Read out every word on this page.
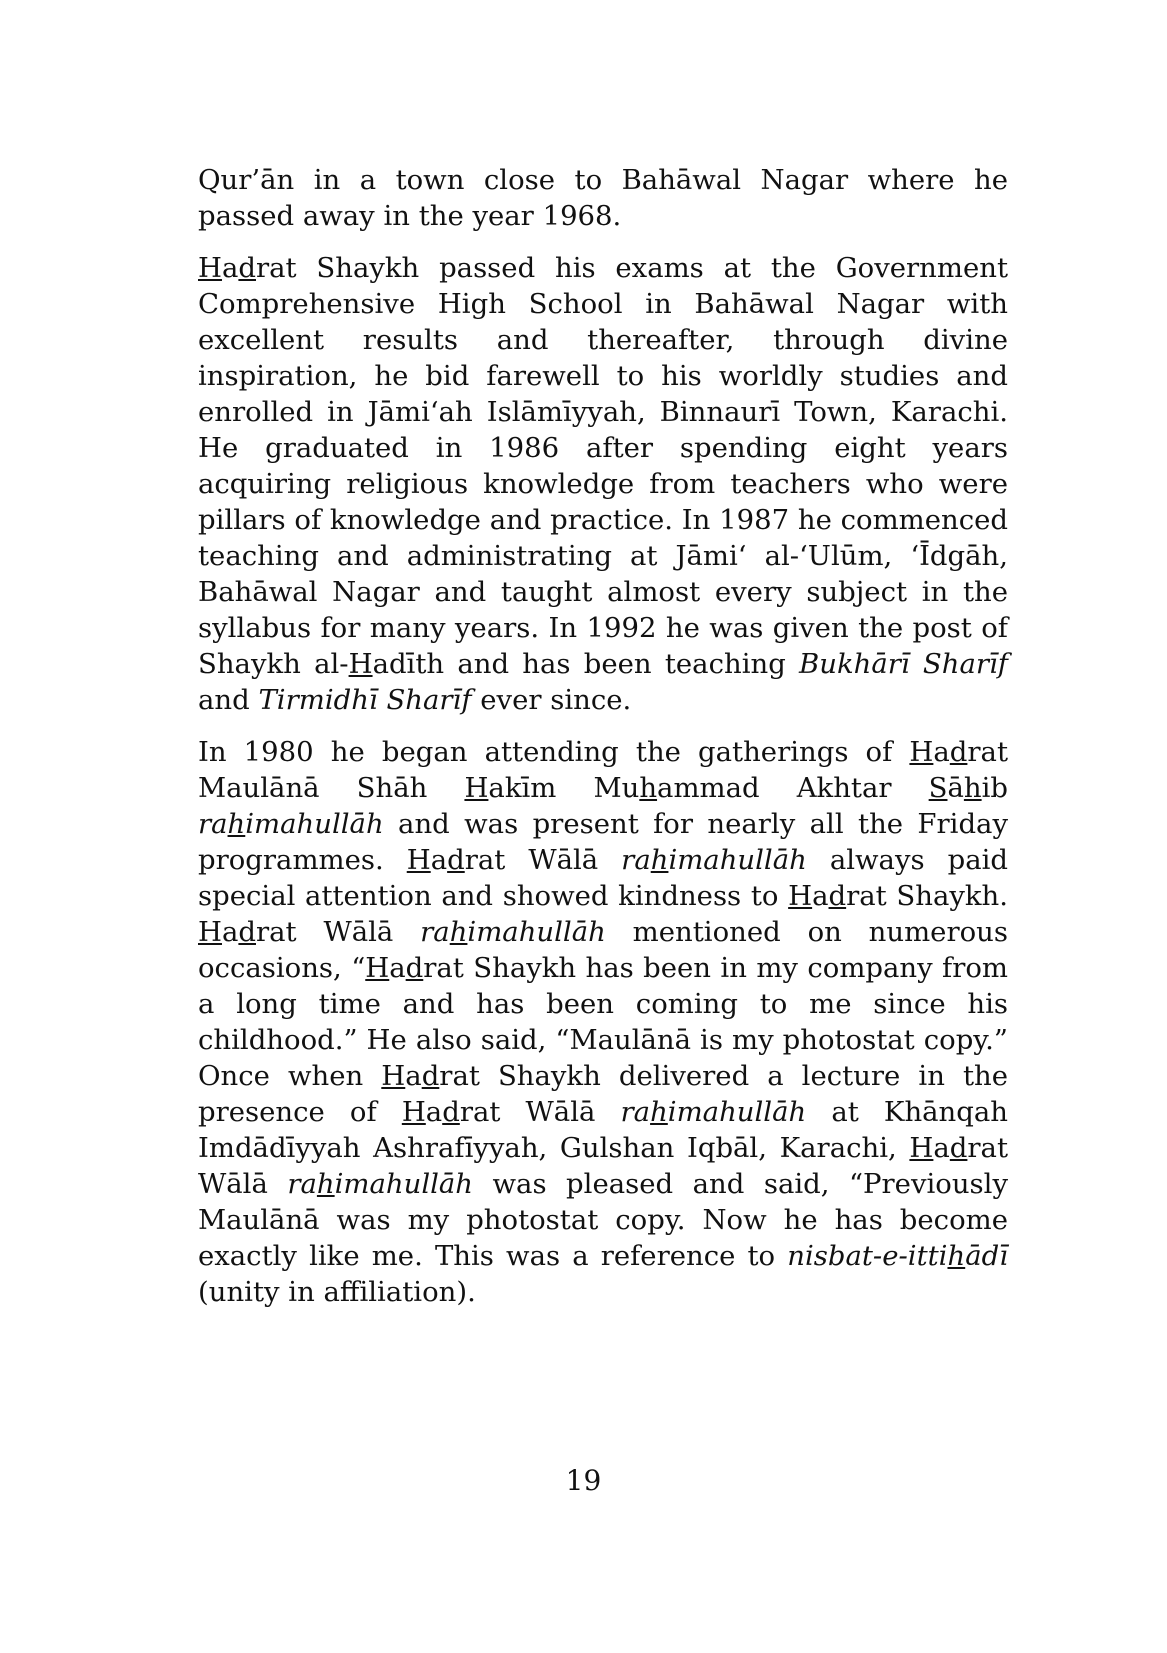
Qur’ān in a town close to Bahāwal Nagar where he passed away in the year 1968.

Hadrat Shaykh passed his exams at the Government Comprehensive High School in Bahāwal Nagar with excellent results and thereafter, through divine inspiration, he bid farewell to his worldly studies and enrolled in Jāmi‘ah Islāmīyyah, Binnaurī Town, Karachi. He graduated in 1986 after spending eight years acquiring religious knowledge from teachers who were pillars of knowledge and practice. In 1987 he commenced teaching and administrating at Jāmi‘ al-‘Ulūm, ‘Īdgāh, Bahāwal Nagar and taught almost every subject in the syllabus for many years. In 1992 he was given the post of Shaykh al-Hadīth and has been teaching Bukhārī Sharīf and Tirmidhī Sharīf ever since.

In 1980 he began attending the gatherings of Hadrat Maulānā Shāh Hakīm Muhammad Akhtar Sāhib rahimahullāh and was present for nearly all the Friday programmes. Hadrat Wālā rahimahullāh always paid special attention and showed kindness to Hadrat Shaykh. Hadrat Wālā rahimahullāh mentioned on numerous occasions, “Hadrat Shaykh has been in my company from a long time and has been coming to me since his childhood.” He also said, “Maulānā is my photostat copy.” Once when Hadrat Shaykh delivered a lecture in the presence of Hadrat Wālā rahimahullāh at Khānqah Imdādīyyah Ashrafīyyah, Gulshan Iqbāl, Karachi, Hadrat Wālā rahimahullāh was pleased and said, “Previously Maulānā was my photostat copy. Now he has become exactly like me. This was a reference to nisbat-e-ittihādī (unity in affiliation).

19
